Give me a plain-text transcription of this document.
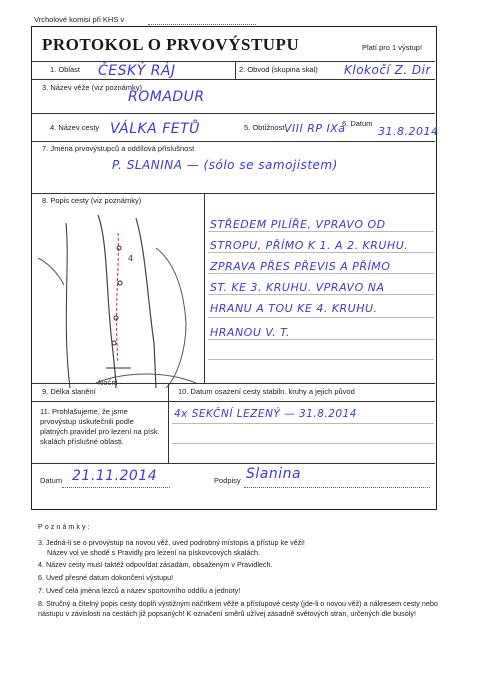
Vrcholové komisi při KHS v
PROTOKOL O PRVOVÝSTUPU	Platí pro 1 výstup!
1. Oblast ČESKÝ RÁJ	2. Obvod (skupina skal) Klokočí Z. Dir
3. Název věže (viz poznámky)
ROMADUR
4. Název cesty VÁLKA FETŮ	5. Obtížnost VIII RP IXa
6. Datum
31.8.2014
7. Jména prvovýstupců a oddílová příslušnost
P. SLANINA — (sólo se samojistem)
8. Popis cesty (viz poznámky)
4
Nočni
STŘEDEM PILÍŘE, VPRAVO OD
STROPU, PŘÍMO K 1. A 2. KRUHU.
ZPRAVA PŘES PŘEVIS A PŘÍMO
ST. KE 3. KRUHU. VPRAVO NA
HRANU A TOU KE 4. KRUHU.
HRANOU V. T.
9. Délka slanění	10. Datum osazení cesty stabiln. kruhy a jejich původ
11. Prohlašujeme, že jsme prvovýstup uskutečnili podle platných pravidel pro lezení na písk. skalách příslušné oblasti.
4x SEKČNÍ LEZENÝ — 31.8.2014
Datum 21.11.2014	Podpisy Slanina
Poznámky:
3. Jedná-li se o prvovýstup na novou věž, uved podrobný místopis a přístup ke věži!
Název vol ve shodě s Pravidly pro lezení na pískovcových skalách.
4. Název cesty musí taktéž odpovídat zásadám, obsaženým v Pravidlech.
6. Uveď přesné datum dokončení výstupu!
7. Uveď celá jména lezců a název sportovního oddílu a jednoty!
8. Stručný a čitelný popis cesty doplň výstižným náčrtkem věže a přístupové cesty (jde-li o novou věž) a nákresem cesty nebo nástupu v závislosti na cestách již popsaných! K označení směrů užívej zásadně světových stran, určených dle busoly!
